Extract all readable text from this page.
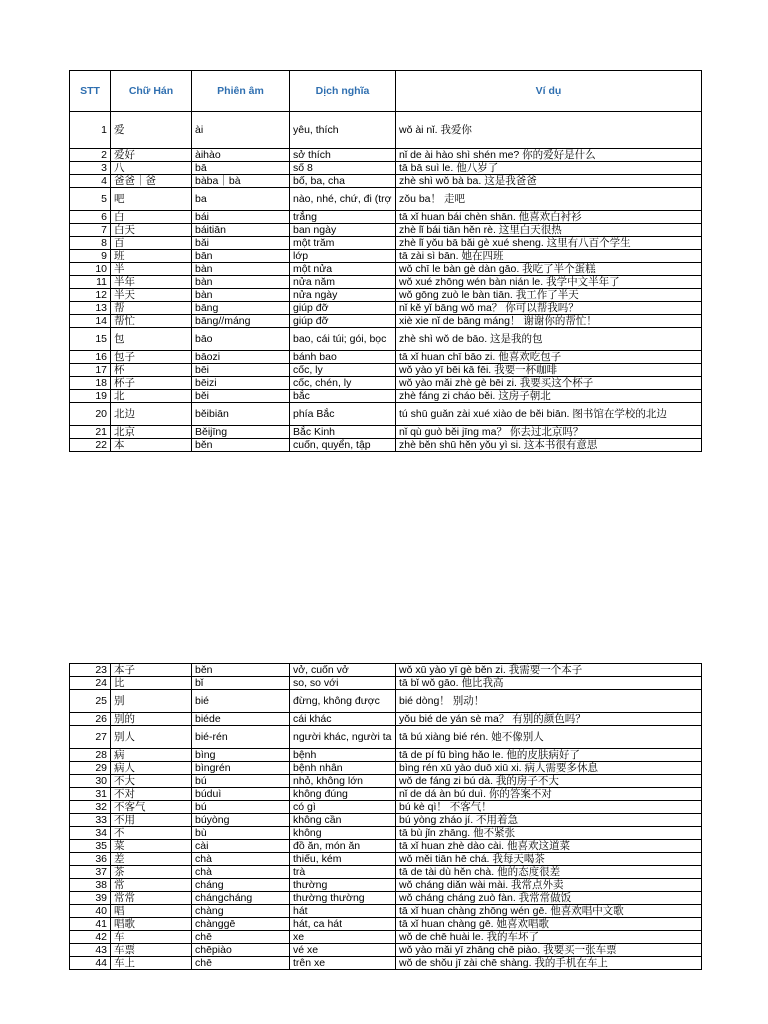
STT	Chữ Hán	Phiên âm	Dịch nghĩa	Ví dụ
1	爱	ài	yêu, thích	wǒ ài nǐ. 我爱你
2	爱好	àihào	sở thích	nǐ de ài hào shì shén me? 你的爱好是什么
3	八	bā	số 8	tā bā suì le. 他八岁了
4	爸爸｜爸	bàba｜bà	bố, ba, cha	zhè shì wǒ bà ba. 这是我爸爸
5	吧	ba	nào, nhé, chứ, đi (trợ	zǒu ba！ 走吧
6	白	bái	trắng	tā xǐ huan bái chèn shān. 他喜欢白衬衫
7	白天	báitiān	ban ngày	zhè lǐ bái tiān hěn rè. 这里白天很热
8	百	bǎi	một trăm	zhè lǐ yǒu bā bǎi gè xué sheng. 这里有八百个学生
9	班	bān	lớp	tā zài sì bān. 她在四班
10	半	bàn	một nửa	wǒ chī le bàn gè dàn gāo. 我吃了半个蛋糕
11	半年	bàn	nửa năm	wǒ xué zhōng wén bàn nián le. 我学中文半年了
12	半天	bàn	nửa ngày	wǒ gōng zuò le bàn tiān. 我工作了半天
13	帮	bāng	giúp đỡ	nǐ kě yǐ bāng wǒ ma？ 你可以帮我吗？
14	帮忙	bāng//máng	giúp đỡ	xiè xie nǐ de bāng máng！ 谢谢你的帮忙！
15	包	bāo	bao, cái túi; gói, bọc	zhè shì wǒ de bāo. 这是我的包
16	包子	bāozi	bánh bao	tā xǐ huan chī bāo zi. 他喜欢吃包子
17	杯	bēi	cốc, ly	wǒ yào yī bēi kā fēi. 我要一杯咖啡
18	杯子	bēizi	cốc, chén, ly	wǒ yào mǎi zhè gè bēi zi. 我要买这个杯子
19	北	běi	bắc	zhè fáng zi cháo běi. 这房子朝北
20	北边	běibiān	phía Bắc	tú shū guǎn zài xué xiào de běi biān. 图书馆在学校的北边
21	北京	Běijīng	Bắc Kinh	nǐ qù guò běi jīng ma？ 你去过北京吗？
22	本	běn	cuốn, quyển, tập	zhè běn shū hěn yǒu yì si. 这本书很有意思
23	本子	běn	vở, cuốn vở	wǒ xū yào yī gè běn zi. 我需要一个本子
24	比	bǐ	so, so với	tā bǐ wǒ gāo. 他比我高
25	别	bié	đừng, không được	bié dòng！ 别动！
26	别的	biéde	cái khác	yǒu bié de yán sè ma？ 有别的颜色吗？
27	别人	bié-rén	người khác, người ta	tā bú xiàng bié rén. 她不像别人
28	病	bìng	bệnh	tā de pí fū bìng hǎo le. 他的皮肤病好了
29	病人	bìngrén	bệnh nhân	bìng rén xū yào duō xiū xi. 病人需要多休息
30	不大	bú	nhỏ, không lớn	wǒ de fáng zi bú dà. 我的房子不大
31	不对	búduì	không đúng	nǐ de dá àn bú duì. 你的答案不对
32	不客气	bú	có gì	bú kè qì！ 不客气！
33	不用	búyòng	không cần	bú yòng zháo jí. 不用着急
34	不	bù	không	tā bù jǐn zhāng. 他不紧张
35	菜	cài	đồ ăn, món ăn	tā xǐ huan zhè dào cài. 他喜欢这道菜
36	差	chà	thiếu, kém	wǒ měi tiān hē chá. 我每天喝茶
37	茶	chà	trà	tā de tài dù hěn chà. 他的态度很差
38	常	cháng	thường	wǒ cháng diǎn wài mài. 我常点外卖
39	常常	chángcháng	thường thường	wǒ cháng cháng zuò fàn. 我常常做饭
40	唱	chàng	hát	tā xǐ huan chàng zhōng wén gē. 他喜欢唱中文歌
41	唱歌	chànggē	hát, ca hát	tā xǐ huan chàng gē. 她喜欢唱歌
42	车	chē	xe	wǒ de chē huài le. 我的车坏了
43	车票	chēpiào	vé xe	wǒ yào mǎi yī zhāng chē piào. 我要买一张车票
44	车上	chē	trên xe	wǒ de shǒu jī zài chē shàng. 我的手机在车上
